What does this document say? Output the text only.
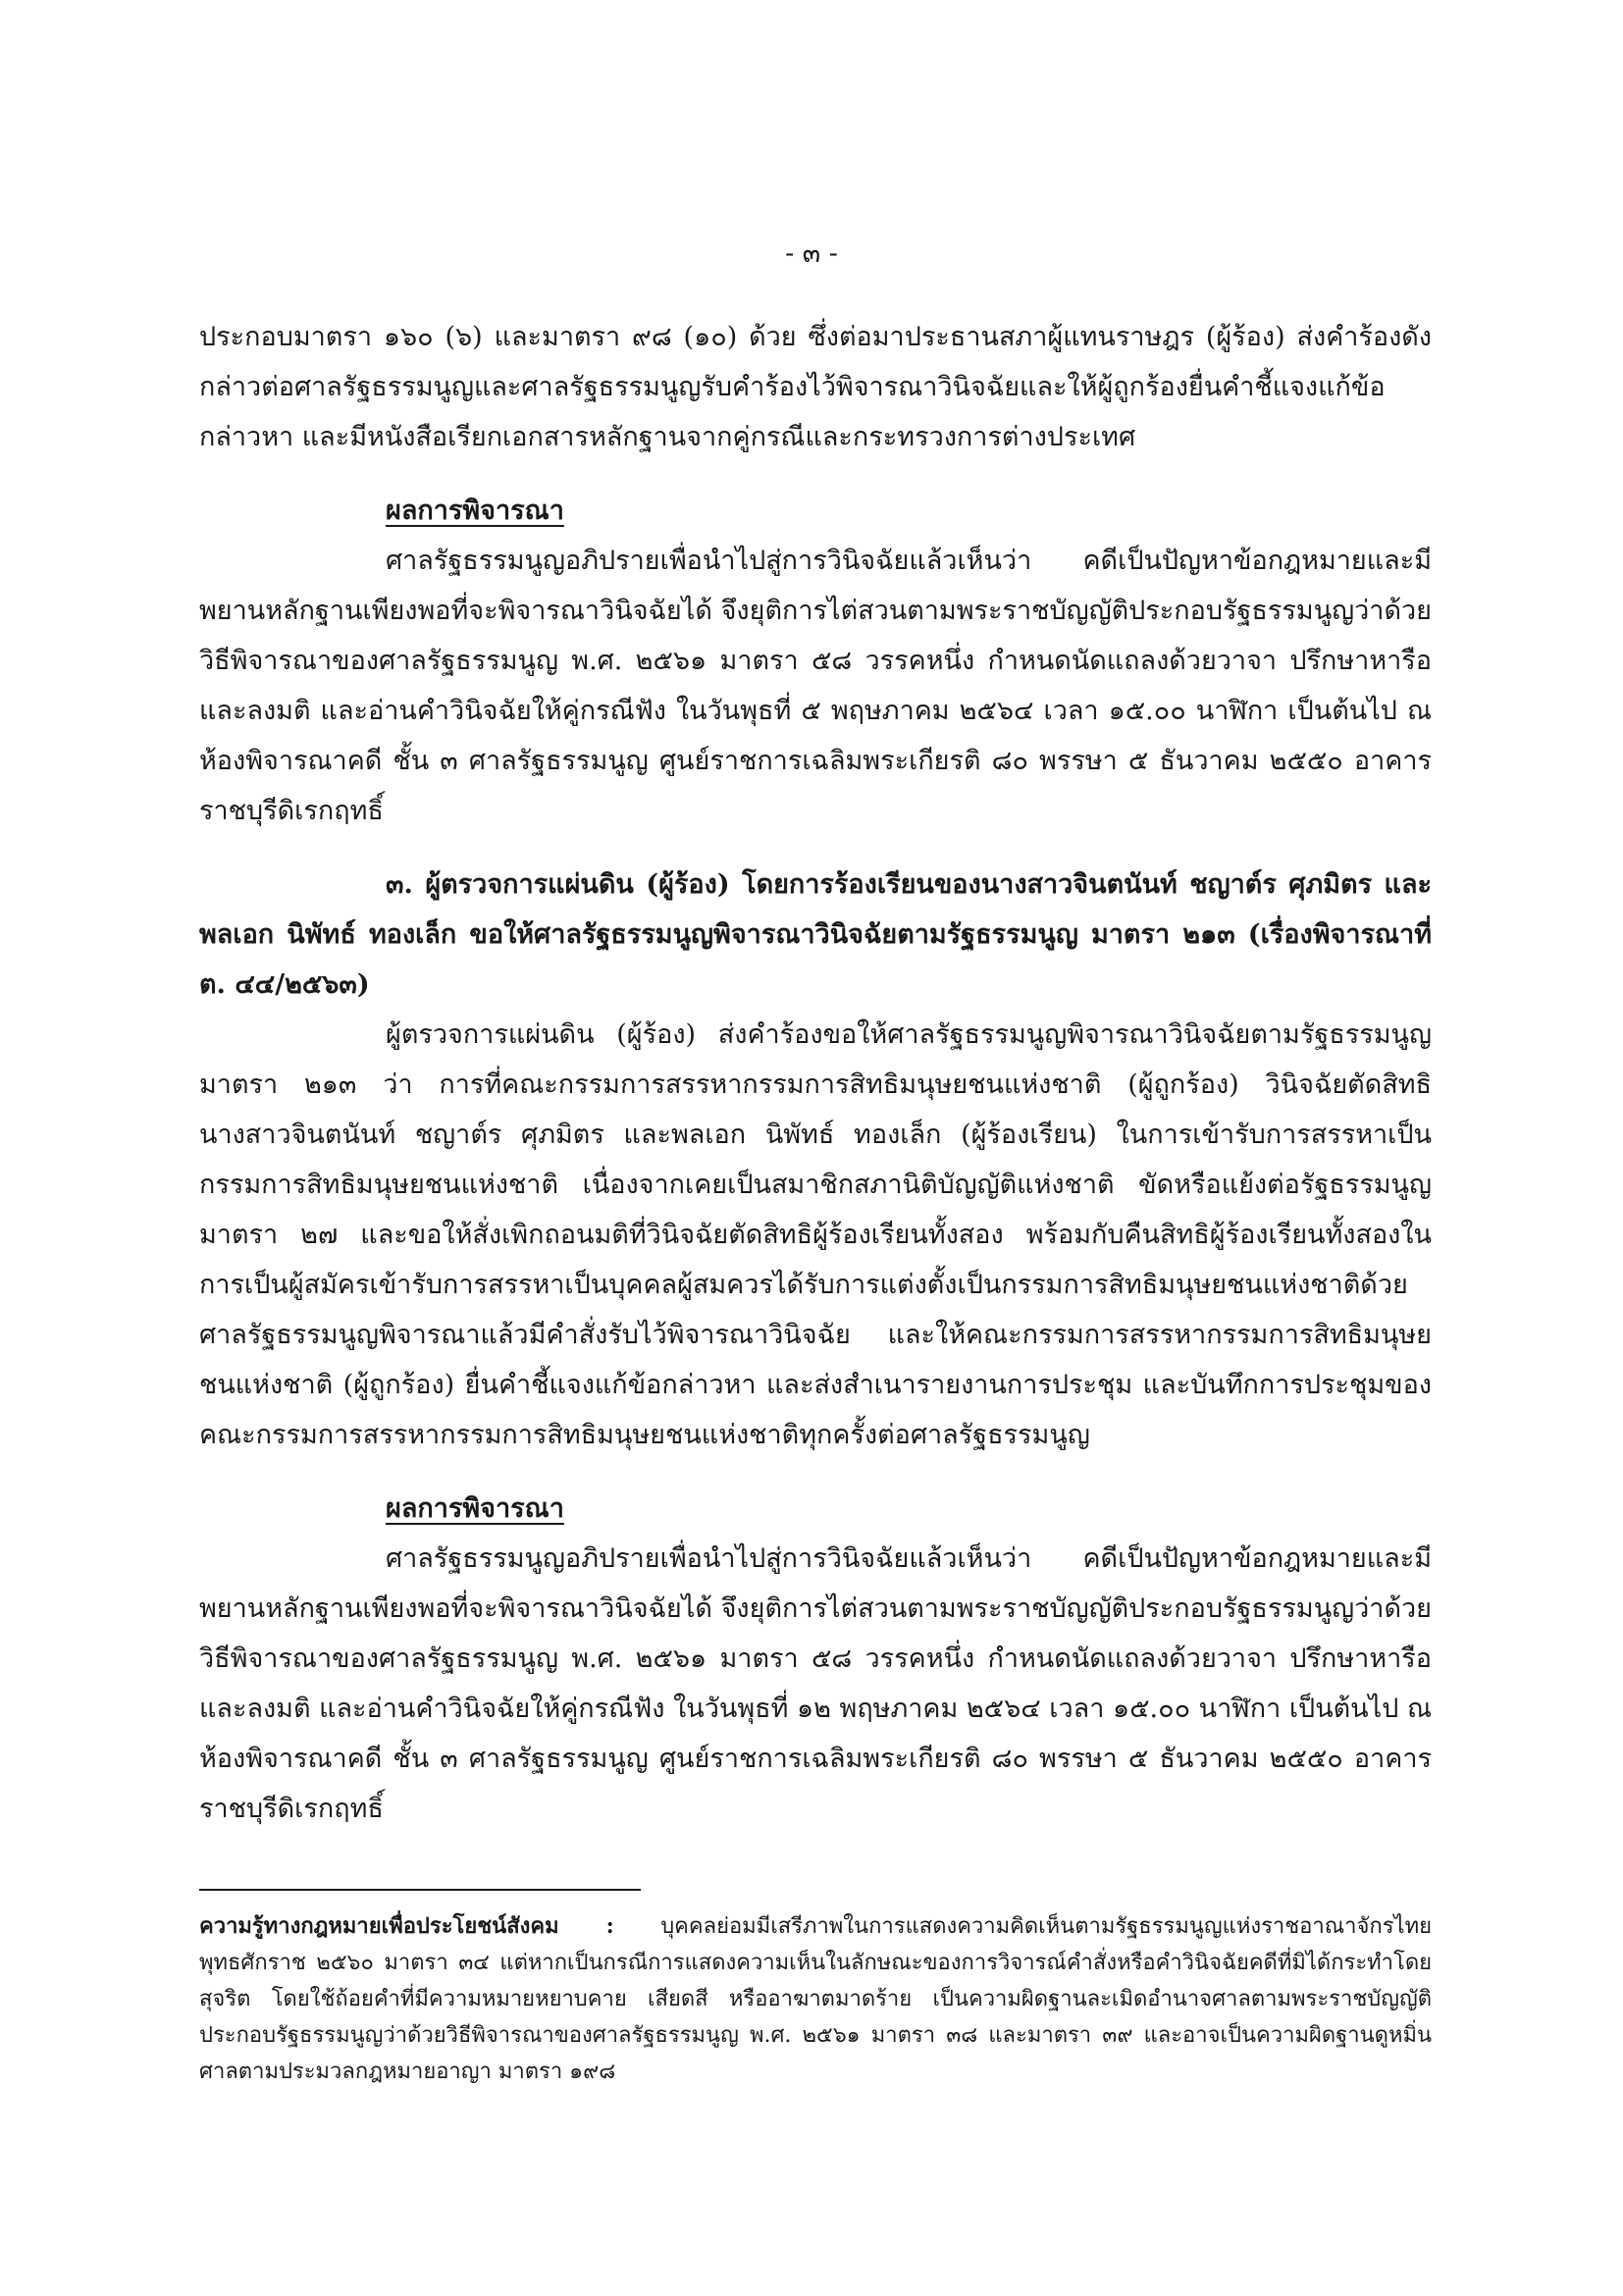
- ๓ -

ประกอบมาตรา ๑๖๐ (๖) และมาตรา ๙๘ (๑๐) ด้วย ซึ่งต่อมาประธานสภาผู้แทนราษฎร (ผู้ร้อง) ส่งคำร้องดังกล่าวต่อศาลรัฐธรรมนูญและศาลรัฐธรรมนูญรับคำร้องไว้พิจารณาวินิจฉัยและให้ผู้ถูกร้องยื่นคำชี้แจงแก้ข้อกล่าวหา และมีหนังสือเรียกเอกสารหลักฐานจากคู่กรณีและกระทรวงการต่างประเทศ

ผลการพิจารณา

ศาลรัฐธรรมนูญอภิปรายเพื่อนำไปสู่การวินิจฉัยแล้วเห็นว่า คดีเป็นปัญหาข้อกฎหมายและมีพยานหลักฐานเพียงพอที่จะพิจารณาวินิจฉัยได้ จึงยุติการไต่สวนตามพระราชบัญญัติประกอบรัฐธรรมนูญว่าด้วยวิธีพิจารณาของศาลรัฐธรรมนูญ พ.ศ. ๒๕๖๑ มาตรา ๕๘ วรรคหนึ่ง กำหนดนัดแถลงด้วยวาจา ปรึกษาหารือ และลงมติ และอ่านคำวินิจฉัยให้คู่กรณีฟัง ในวันพุธที่ ๕ พฤษภาคม ๒๕๖๔ เวลา ๑๕.๐๐ นาฬิกา เป็นต้นไป ณ ห้องพิจารณาคดี ชั้น ๓ ศาลรัฐธรรมนูญ ศูนย์ราชการเฉลิมพระเกียรติ ๘๐ พรรษา ๕ ธันวาคม ๒๕๕๐ อาคารราชบุรีดิเรกฤทธิ์

๓. ผู้ตรวจการแผ่นดิน (ผู้ร้อง) โดยการร้องเรียนของนางสาวจินตนันท์ ชญาต์ร ศุภมิตร และพลเอก นิพัทธ์ ทองเล็ก ขอให้ศาลรัฐธรรมนูญพิจารณาวินิจฉัยตามรัฐธรรมนูญ มาตรา ๒๑๓ (เรื่องพิจารณาที่ ต. ๔๔/๒๕๖๓)

ผู้ตรวจการแผ่นดิน (ผู้ร้อง) ส่งคำร้องขอให้ศาลรัฐธรรมนูญพิจารณาวินิจฉัยตามรัฐธรรมนูญ มาตรา ๒๑๓ ว่า การที่คณะกรรมการสรรหากรรมการสิทธิมนุษยชนแห่งชาติ (ผู้ถูกร้อง) วินิจฉัยตัดสิทธินางสาวจินตนันท์ ชญาต์ร ศุภมิตร และพลเอก นิพัทธ์ ทองเล็ก (ผู้ร้องเรียน) ในการเข้ารับการสรรหาเป็นกรรมการสิทธิมนุษยชนแห่งชาติ เนื่องจากเคยเป็นสมาชิกสภานิติบัญญัติแห่งชาติ ขัดหรือแย้งต่อรัฐธรรมนูญ มาตรา ๒๗ และขอให้สั่งเพิกถอนมติที่วินิจฉัยตัดสิทธิผู้ร้องเรียนทั้งสอง พร้อมกับคืนสิทธิผู้ร้องเรียนทั้งสองในการเป็นผู้สมัครเข้ารับการสรรหาเป็นบุคคลผู้สมควรได้รับการแต่งตั้งเป็นกรรมการสิทธิมนุษยชนแห่งชาติด้วย ศาลรัฐธรรมนูญพิจารณาแล้วมีคำสั่งรับไว้พิจารณาวินิจฉัย และให้คณะกรรมการสรรหากรรมการสิทธิมนุษยชนแห่งชาติ (ผู้ถูกร้อง) ยื่นคำชี้แจงแก้ข้อกล่าวหา และส่งสำเนารายงานการประชุม และบันทึกการประชุมของคณะกรรมการสรรหากรรมการสิทธิมนุษยชนแห่งชาติทุกครั้งต่อศาลรัฐธรรมนูญ

ผลการพิจารณา

ศาลรัฐธรรมนูญอภิปรายเพื่อนำไปสู่การวินิจฉัยแล้วเห็นว่า คดีเป็นปัญหาข้อกฎหมายและมีพยานหลักฐานเพียงพอที่จะพิจารณาวินิจฉัยได้ จึงยุติการไต่สวนตามพระราชบัญญัติประกอบรัฐธรรมนูญว่าด้วยวิธีพิจารณาของศาลรัฐธรรมนูญ พ.ศ. ๒๕๖๑ มาตรา ๕๘ วรรคหนึ่ง กำหนดนัดแถลงด้วยวาจา ปรึกษาหารือ และลงมติ และอ่านคำวินิจฉัยให้คู่กรณีฟัง ในวันพุธที่ ๑๒ พฤษภาคม ๒๕๖๔ เวลา ๑๕.๐๐ นาฬิกา เป็นต้นไป ณ ห้องพิจารณาคดี ชั้น ๓ ศาลรัฐธรรมนูญ ศูนย์ราชการเฉลิมพระเกียรติ ๘๐ พรรษา ๕ ธันวาคม ๒๕๕๐ อาคารราชบุรีดิเรกฤทธิ์

ความรู้ทางกฎหมายเพื่อประโยชน์สังคม : บุคคลย่อมมีเสรีภาพในการแสดงความคิดเห็นตามรัฐธรรมนูญแห่งราชอาณาจักรไทย พุทธศักราช ๒๕๖๐ มาตรา ๓๔ แต่หากเป็นกรณีการแสดงความเห็นในลักษณะของการวิจารณ์คำสั่งหรือคำวินิจฉัยคดีที่มิได้กระทำโดยสุจริต โดยใช้ถ้อยคำที่มีความหมายหยาบคาย เสียดสี หรืออาฆาตมาดร้าย เป็นความผิดฐานละเมิดอำนาจศาลตามพระราชบัญญัติประกอบรัฐธรรมนูญว่าด้วยวิธีพิจารณาของศาลรัฐธรรมนูญ พ.ศ. ๒๕๖๑ มาตรา ๓๘ และมาตรา ๓๙ และอาจเป็นความผิดฐานดูหมิ่นศาลตามประมวลกฎหมายอาญา มาตรา ๑๙๘
